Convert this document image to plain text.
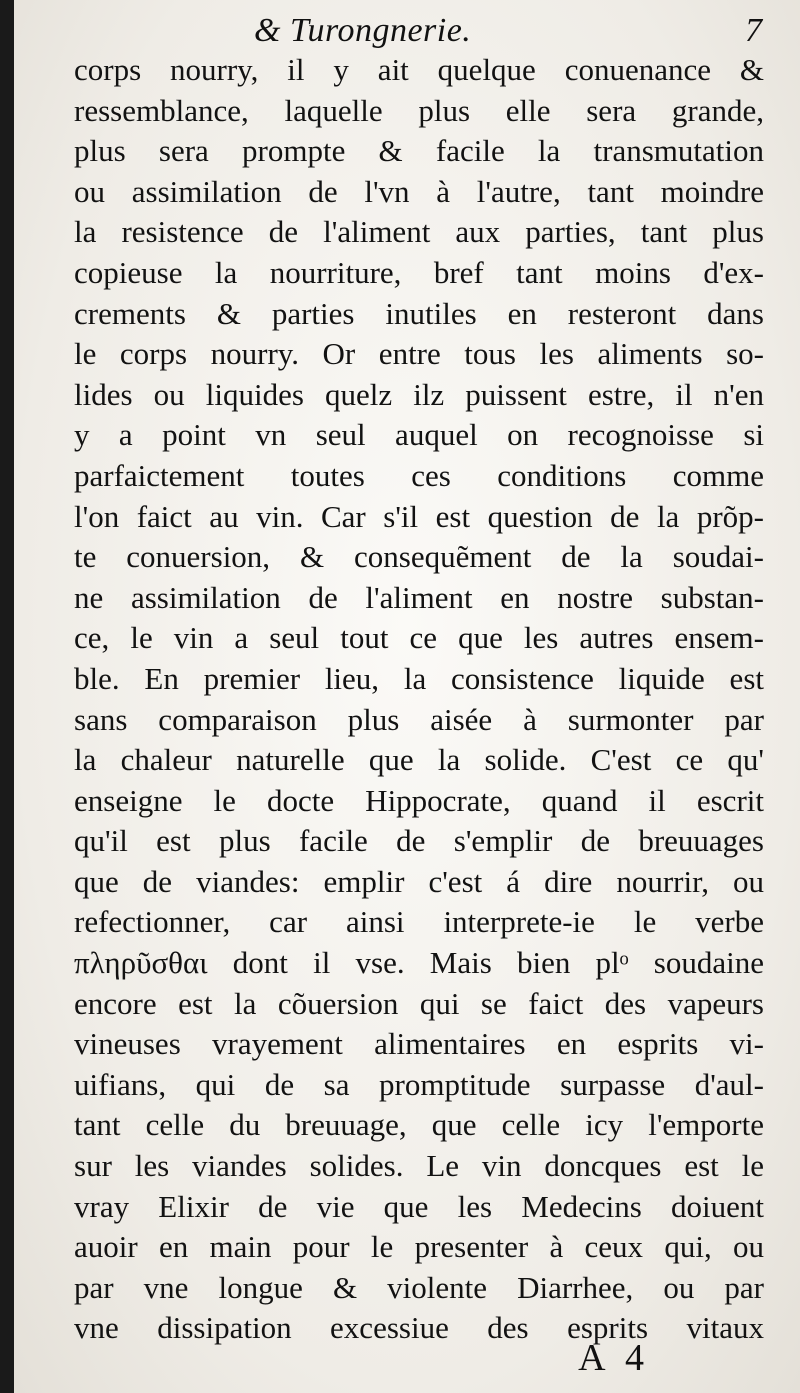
& Turongnerie.	7
corps nourry, il y ait quelque conuenance &
ressemblance, laquelle plus elle sera grande,
plus sera prompte & facile la transmutation
ou assimilation de l'vn à l'autre, tant moindre
la resistence de l'aliment aux parties, tant plus
copieuse la nourriture, bref tant moins d'ex-
crements & parties inutiles en resteront dans
le corps nourry. Or entre tous les aliments so-
lides ou liquides quelz ilz puissent estre, il n'en
y a point vn seul auquel on recognoisse si
parfaictement toutes ces conditions comme
l'on faict au vin. Car s'il est question de la prõp-
te conuersion, & consequẽment de la soudai-
ne assimilation de l'aliment en nostre substan-
ce, le vin a seul tout ce que les autres ensem-
ble. En premier lieu, la consistence liquide est
sans comparaison plus aisée à surmonter par
la chaleur naturelle que la solide. C'est ce qu'
enseigne le docte Hippocrate, quand il escrit
qu'il est plus facile de s'emplir de breuuages
que de viandes: emplir c'est á dire nourrir, ou
refectionner, car ainsi interprete-ie le verbe
πληρῦσθαι dont il vse. Mais bien plᵒ soudaine
encore est la cõuersion qui se faict des vapeurs
vineuses vrayement alimentaires en esprits vi-
uifians, qui de sa promptitude surpasse d'aul-
tant celle du breuuage, que celle icy l'emporte
sur les viandes solides. Le vin doncques est le
vray Elixir de vie que les Medecins doiuent
auoir en main pour le presenter à ceux qui, ou
par vne longue & violente Diarrhee, ou par
vne dissipation excessiue des esprits vitaux
A 4
